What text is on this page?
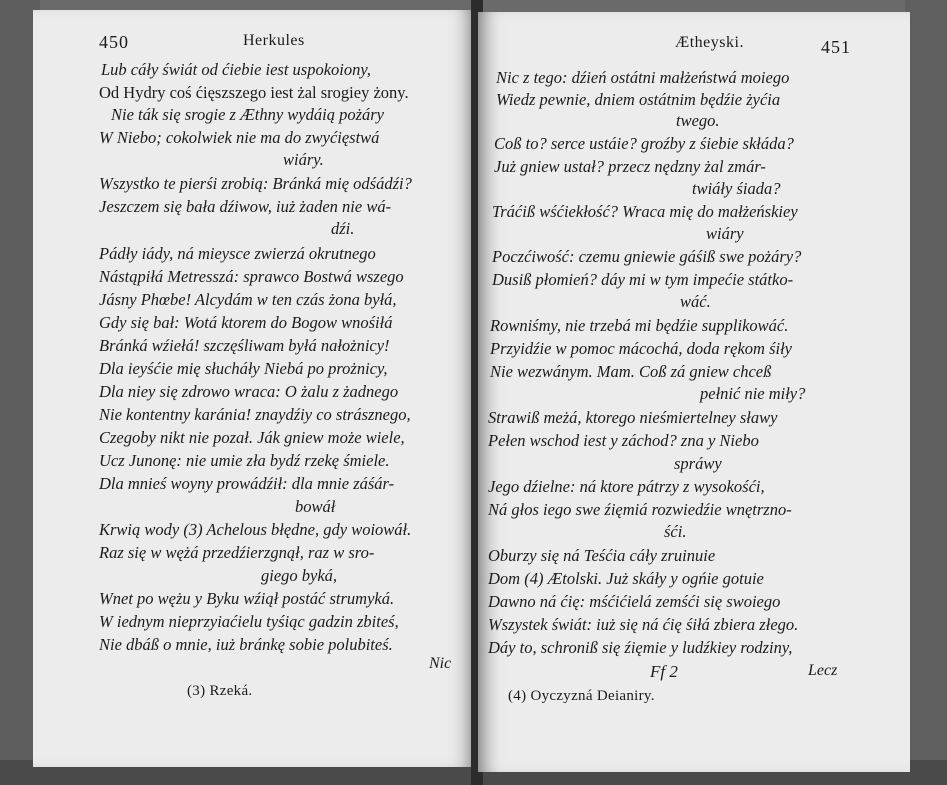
450	Herkules
Lub cáły świát od ćiebie iest uspokoiony,
Od Hydry coś ćięszszego iest żal srogiey żony.
Nie ták się srogie z Æthny wydáią pożáry
W Niebo; cokolwiek nie ma do zwyćięstwá
wiáry.
Wszystko te pierśi zrobią: Bránká mię odśádźi?
Jeszczem się bała dźiwow, iuż żaden nie wá-
dźi.
Pádły iády, ná mieysce zwierzá okrutnego
Nástąpiłá Metresszá: sprawco Bostwá wszego
Jásny Phœbe! Alcydám w ten czás żona byłá,
Gdy się bał: Wotá ktorem do Bogow wnośiłá
Bránká wźiełá! szczęśliwam byłá nałożnicy!
Dla ieyśćie mię słucháły Niebá po prożnicy,
Dla niey się zdrowo wraca: O żalu z żadnego
Nie kontentny karánia! znaydźiy co strásznego,
Czegoby nikt nie pozał. Ják gniew może wiele,
Ucz Junonę: nie umie zła bydź rzekę śmiele.
Dla mnieś woyny prowádźił: dla mnie záśár-
bowáł
Krwią wody (3) Achelous błędne, gdy woiowáł.
Raz się w wężá przedźierzgnął, raz w sro-
giego byká,
Wnet po wężu y Byku wźiął postáć strumyká.
W iednym nieprzyiaćielu tyśiąc gadzin zbiteś,
Nie dbáß o mnie, iuż bránkę sobie polubiteś.
Nic
(3) Rzeká.
Ætheyski.	451
Nic z tego: dźień ostátni małżeństwá moiego
Wiedz pewnie, dniem ostátnim będźie żyćia
twego.
Coß to? serce ustáie? groźby z śiebie skłáda?
Już gniew ustał? przecz nędzny żal zmár-
twiáły śiada?
Tráćiß wśćiekłość? Wraca mię do małżeńskiey
wiáry
Poczćiwość: czemu gniewie gáśiß swe pożáry?
Dusiß płomień? dáy mi w tym impećie státko-
wáć.
Rowniśmy, nie trzebá mi będźie supplikowáć.
Przyidźie w pomoc mácochá, doda rękom śiły
Nie wezwánym. Mam. Coß zá gniew chceß
pełnić nie miły?
Strawiß meżá, ktorego nieśmiertelney sławy
Pełen wschod iest y záchod? zna y Niebo
spráwy
Jego dźielne: ná ktore pátrzy z wysokośći,
Ná głos iego swe źięmiá rozwiedźie wnętrzno-
śći.
Oburzy się ná Teśćia cáły zruinuie
Dom (4) Ætolski. Już skáły y ogńie gotuie
Dawno ná ćię: mśćićielá zemśći się swoiego
Wszystek świát: iuż się ná ćię śiłá zbiera złego.
Dáy to, schroniß się źięmie y ludźkiey rodziny,
Ff 2	Lecz
(4) Oyczyzná Deianiry.
